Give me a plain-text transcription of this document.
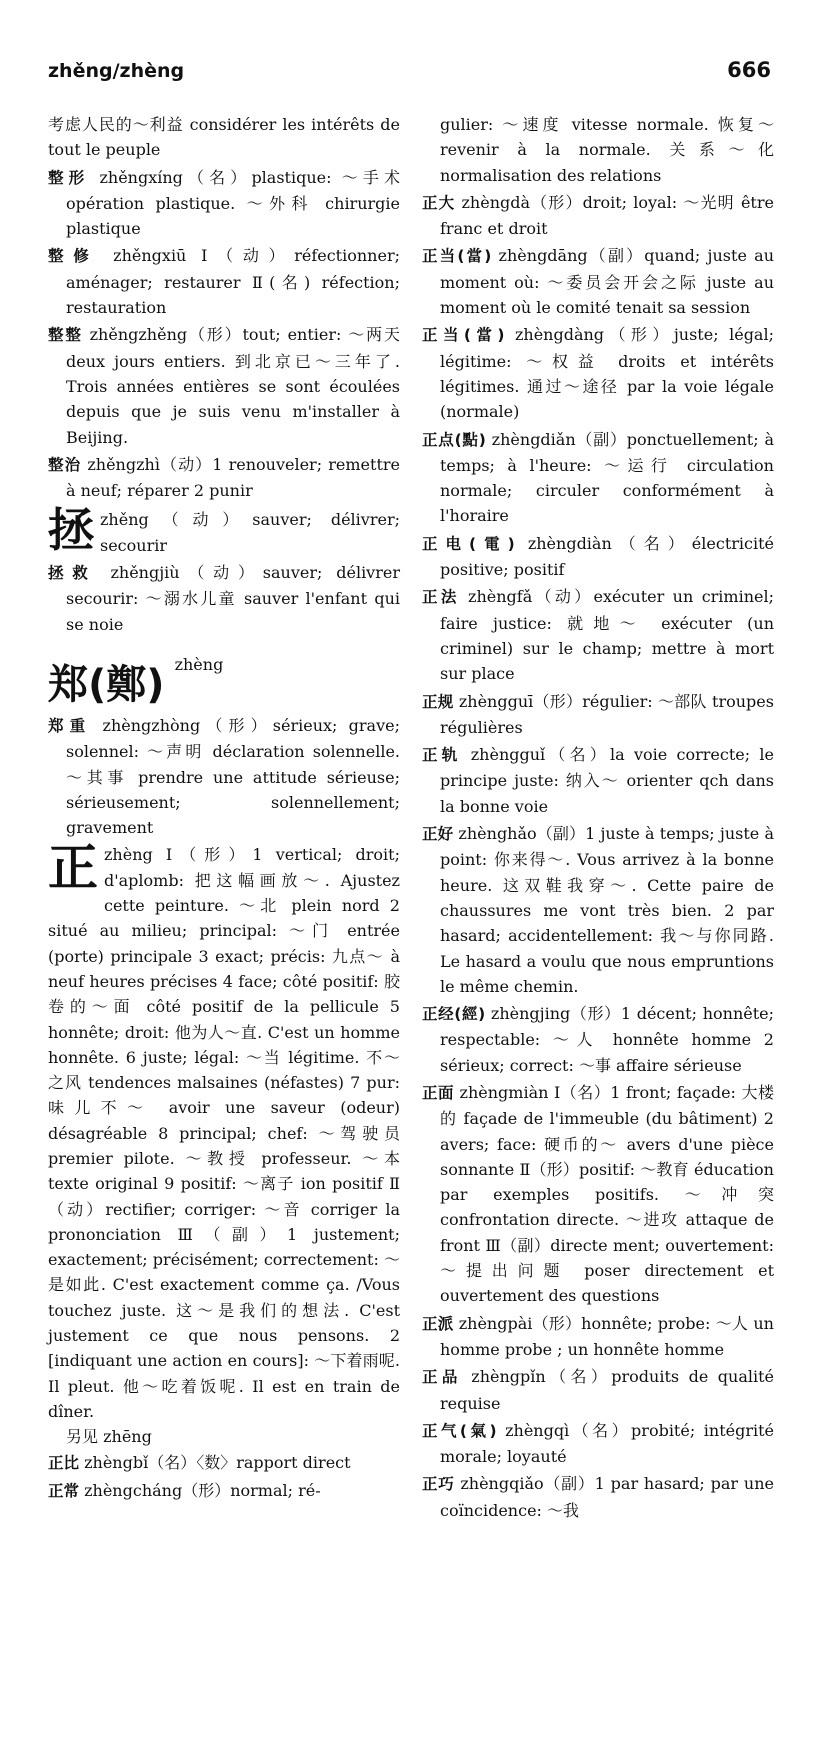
zhěng/zhèng	666
考虑人民的～利益 considérer les intérêts de tout le peuple
整形 zhěngxíng（名）plastique: ～手术 opération plastique. ～外科 chirurgie plastique
整修 zhěngxiū Ⅰ（动）réfectionner; aménager; restaurer Ⅱ(名) réfection; restauration
整整 zhěngzhěng（形）tout; entier: ～两天 deux jours entiers. 到北京已～三年了. Trois années entières se sont écoulées depuis que je suis venu m'installer à Beijing.
整治 zhěngzhì（动）1 renouveler; remettre à neuf; réparer 2 punir
拯 zhěng（动）sauver; délivrer; secourir
拯救 zhěngjiù（动）sauver; délivrer secourir: ～溺水儿童 sauver l'enfant qui se noie
郑(鄭) zhèng
郑重 zhèngzhòng（形）sérieux; grave; solennel: ～声明 déclaration solennelle. ～其事 prendre une attitude sérieuse; sérieusement; solennellement; gravement
正zhèng Ⅰ（形）1 vertical; droit; d'aplomb: 把这幅画放～. Ajustez cette peinture. ～北 plein nord 2 situé au milieu; principal: ～门 entrée (porte) principale 3 exact; précis: 九点～ à neuf heures précises 4 face; côté positif: 胶卷的～面 côté positif de la pellicule 5 honnête; droit: 他为人～直. C'est un homme honnête. 6 juste; légal: ～当 légitime. 不～之风 tendences malsaines (néfastes) 7 pur: 味儿不～ avoir une saveur (odeur) désagréable 8 principal; chef: ～驾驶员 premier pilote. ～教授 professeur. ～本 texte original 9 positif: ～离子 ion positif Ⅱ（动）rectifier; corriger: ～音 corriger la prononciation Ⅲ（副）1 justement; exactement; précisément; correctement: ～是如此. C'est exactement comme ça. /Vous touchez juste. 这～是我们的想法. C'est justement ce que nous pensons. 2 [indiquant une action en cours]: ～下着雨呢. Il pleut. 他～吃着饭呢. Il est en train de dîner.
另见 zhēng
正比 zhèngbǐ（名）〈数〉rapport direct
正常 zhèngcháng（形）normal; ré-
gulier: ～速度 vitesse normale. 恢复～ revenir à la normale. 关系～化 normalisation des relations
正大 zhèngdà（形）droit; loyal: ～光明 être franc et droit
正当(當) zhèngdāng（副）quand; juste au moment où: ～委员会开会之际 juste au moment où le comité tenait sa session
正当(當) zhèngdàng（形）juste; légal; légitime: ～权益 droits et intérêts légitimes. 通过～途径 par la voie légale (normale)
正点(點) zhèngdiǎn（副）ponctuellement; à temps; à l'heure: ～运行 circulation normale; circuler conformément à l'horaire
正电(電) zhèngdiàn（名）électricité positive; positif
正法 zhèngfǎ（动）exécuter un criminel; faire justice: 就地～ exécuter (un criminel) sur le champ; mettre à mort sur place
正规 zhèngguī（形）régulier: ～部队 troupes régulières
正轨 zhèngguǐ（名）la voie correcte; le principe juste: 纳入～ orienter qch dans la bonne voie
正好 zhènghǎo（副）1 juste à temps; juste à point: 你来得～. Vous arrivez à la bonne heure. 这双鞋我穿～. Cette paire de chaussures me vont très bien. 2 par hasard; accidentellement: 我～与你同路. Le hasard a voulu que nous empruntions le même chemin.
正经(經) zhèngjing（形）1 décent; honnête; respectable: ～人 honnête homme 2 sérieux; correct: ～事 affaire sérieuse
正面 zhèngmiàn Ⅰ（名）1 front; façade: 大楼的 façade de l'immeuble (du bâtiment) 2 avers; face: 硬币的～ avers d'une pièce sonnante Ⅱ（形）positif: ～教育 éducation par exemples positifs. ～冲突 confrontation directe. ～进攻 attaque de front Ⅲ（副）directe ment; ouvertement: ～提出问题 poser directement et ouvertement des questions
正派 zhèngpài（形）honnête; probe: ～人 un homme probe ; un honnête homme
正品 zhèngpǐn（名）produits de qualité requise
正气(氣) zhèngqì（名）probité; intégrité morale; loyauté
正巧 zhèngqiǎo（副）1 par hasard; par une coïncidence: ～我
